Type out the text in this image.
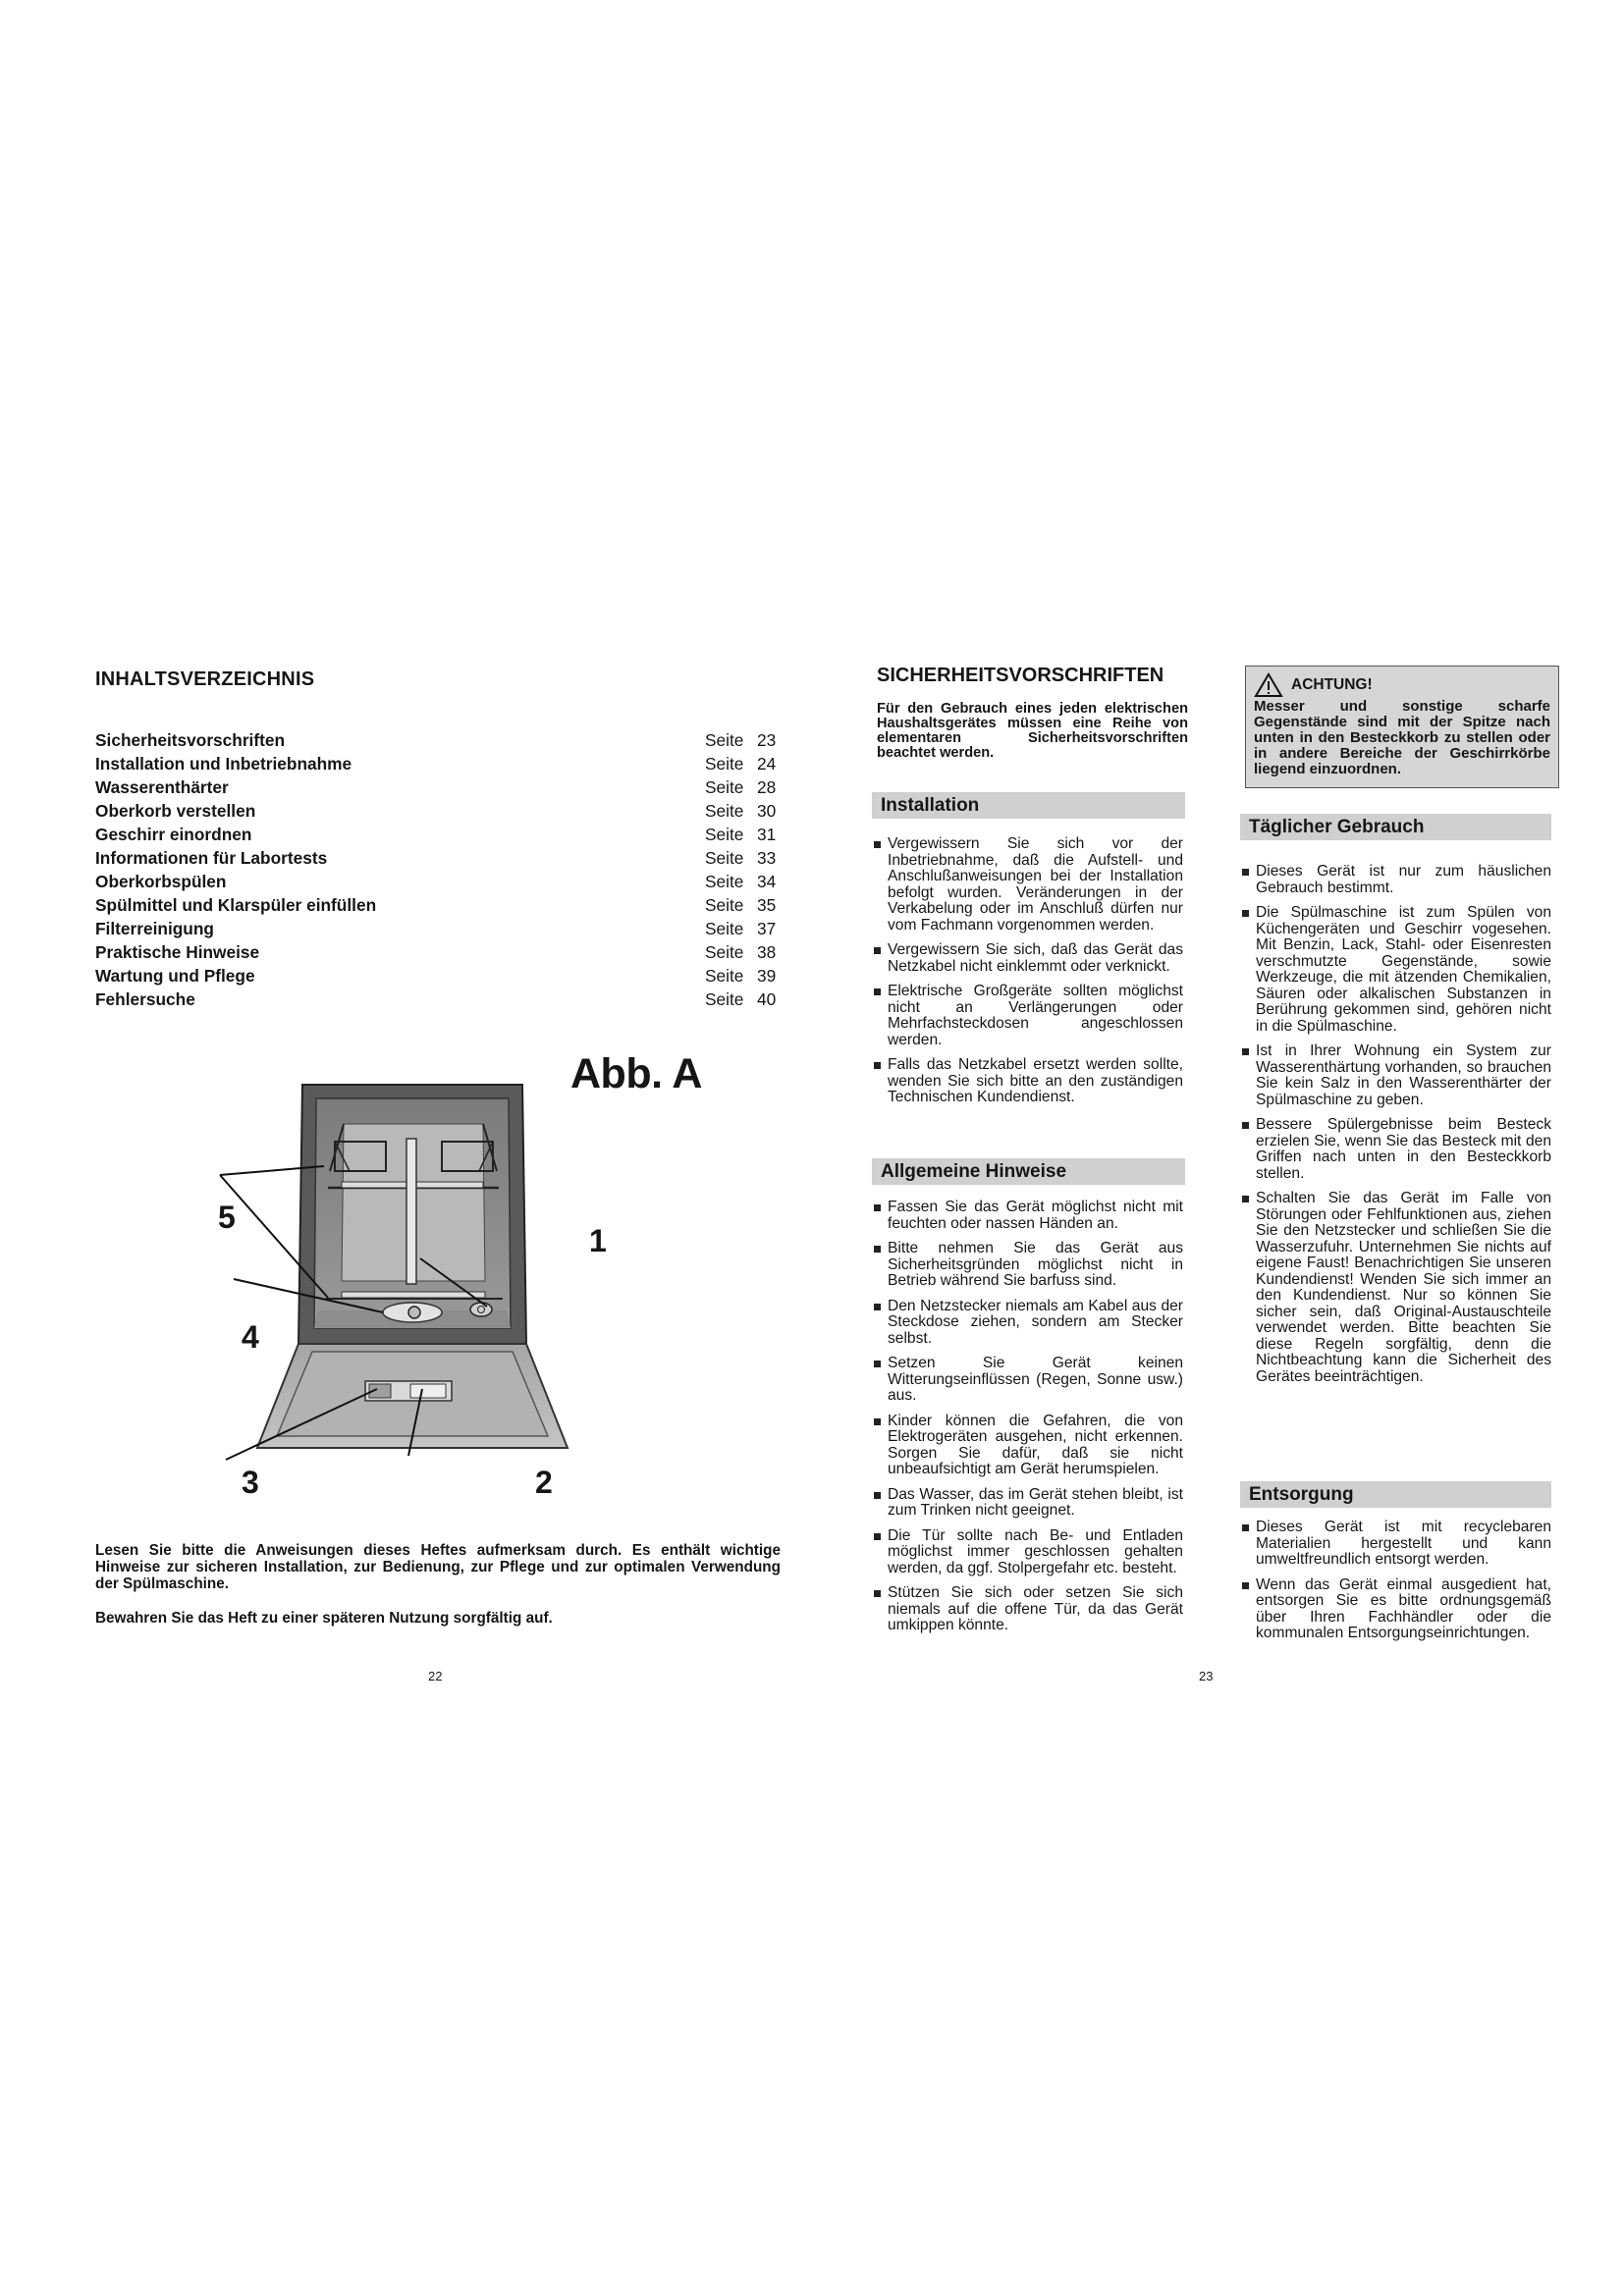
INHALTSVERZEICHNIS
Sicherheitsvorschriften	Seite 23
Installation und Inbetriebnahme	Seite 24
Wasserenthärter	Seite 28
Oberkorb verstellen	Seite 30
Geschirr einordnen	Seite 31
Informationen für Labortests	Seite 33
Oberkorbspülen	Seite 34
Spülmittel und Klarspüler einfüllen	Seite 35
Filterreinigung	Seite 37
Praktische Hinweise	Seite 38
Wartung und Pflege	Seite 39
Fehlersuche	Seite 40
Abb. A
5
1
4
3	2

Lesen Sie bitte die Anweisungen dieses Heftes aufmerksam durch. Es enthält wichtige Hinweise zur sicheren Installation, zur Bedienung, zur Pflege und zur optimalen Verwendung der Spülmaschine.

Bewahren Sie das Heft zu einer späteren Nutzung sorgfältig auf.

22
SICHERHEITSVORSCHRIFTEN

Für den Gebrauch eines jeden elektrischen Haushaltsgerätes müssen eine Reihe von elementaren Sicherheitsvorschriften beachtet werden.

Installation
Vergewissern Sie sich vor der Inbetriebnahme, daß die Aufstell- und Anschlußanweisungen bei der Installation befolgt wurden. Veränderungen in der Verkabelung oder im Anschluß dürfen nur vom Fachmann vorgenommen werden.
Vergewissern Sie sich, daß das Gerät das Netzkabel nicht einklemmt oder verknickt.
Elektrische Großgeräte sollten möglichst nicht an Verlängerungen oder Mehrfachsteckdosen angeschlossen werden.
Falls das Netzkabel ersetzt werden sollte, wenden Sie sich bitte an den zuständigen Technischen Kundendienst.
Allgemeine Hinweise
Fassen Sie das Gerät möglichst nicht mit feuchten oder nassen Händen an.
Bitte nehmen Sie das Gerät aus Sicherheitsgründen möglichst nicht in Betrieb während Sie barfuss sind.
Den Netzstecker niemals am Kabel aus der Steckdose ziehen, sondern am Stecker selbst.
Setzen Sie Gerät keinen Witterungseinflüssen (Regen, Sonne usw.) aus.
Kinder können die Gefahren, die von Elektrogeräten ausgehen, nicht erkennen. Sorgen Sie dafür, daß sie nicht unbeaufsichtigt am Gerät herumspielen.
Das Wasser, das im Gerät stehen bleibt, ist zum Trinken nicht geeignet.
Die Tür sollte nach Be- und Entladen möglichst immer geschlossen gehalten werden, da ggf. Stolpergefahr etc. besteht.
Stützen Sie sich oder setzen Sie sich niemals auf die offene Tür, da das Gerät umkippen könnte.
ACHTUNG!
Messer und sonstige scharfe Gegenstände sind mit der Spitze nach unten in den Besteckkorb zu stellen oder in andere Bereiche der Geschirrkörbe liegend einzuordnen.
Täglicher Gebrauch
Dieses Gerät ist nur zum häuslichen Gebrauch bestimmt.
Die Spülmaschine ist zum Spülen von Küchengeräten und Geschirr vogesehen. Mit Benzin, Lack, Stahl- oder Eisenresten verschmutzte Gegenstände, sowie Werkzeuge, die mit ätzenden Chemikalien, Säuren oder alkalischen Substanzen in Berührung gekommen sind, gehören nicht in die Spülmaschine.
Ist in Ihrer Wohnung ein System zur Wasserenthärtung vorhanden, so brauchen Sie kein Salz in den Wasserenthärter der Spülmaschine zu geben.
Bessere Spülergebnisse beim Besteck erzielen Sie, wenn Sie das Besteck mit den Griffen nach unten in den Besteckkorb stellen.
Schalten Sie das Gerät im Falle von Störungen oder Fehlfunktionen aus, ziehen Sie den Netzstecker und schließen Sie die Wasserzufuhr. Unternehmen Sie nichts auf eigene Faust! Benachrichtigen Sie unseren Kundendienst! Wenden Sie sich immer an den Kundendienst. Nur so können Sie sicher sein, daß Original-Austauschteile verwendet werden. Bitte beachten Sie diese Regeln sorgfältig, denn die Nichtbeachtung kann die Sicherheit des Gerätes beeinträchtigen.
Entsorgung
Dieses Gerät ist mit recyclebaren Materialien hergestellt und kann umweltfreundlich entsorgt werden.
Wenn das Gerät einmal ausgedient hat, entsorgen Sie es bitte ordnungsgemäß über Ihren Fachhändler oder die kommunalen Entsorgungseinrichtungen.
23
